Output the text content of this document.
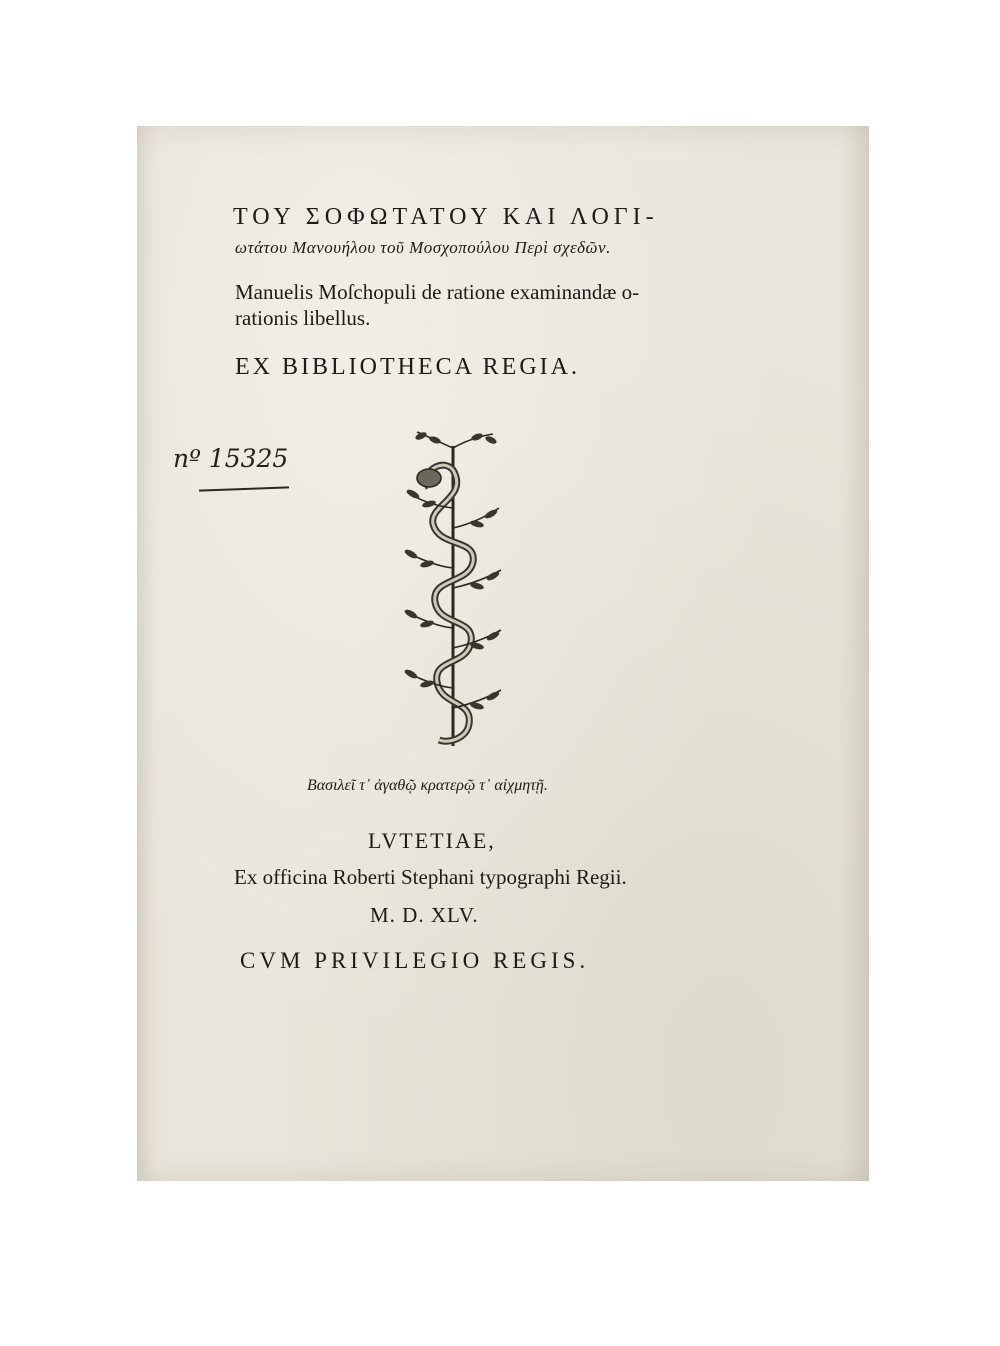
ΤΟΥ ΣΟΦΩΤΑΤΟΥ ΚΑΙ ΛΟΓΙ-
ωτάτου Μανουήλου τοῦ Μοσχοπούλου Περὶ σχεδῶν.
Manuelis Moſchopuli de ratione examinandæ o-
rationis libellus.
EX BIBLIOTHECA REGIA.
nº 15325
Βασιλεῖ τ᾽ ἀγαθῷ κρατερῷ τ᾽ αἰχμητῇ.
LVTETIAE,
Ex officina Roberti Stephani typographi Regii.
M. D. XLV.
CVM PRIVILEGIO REGIS.
